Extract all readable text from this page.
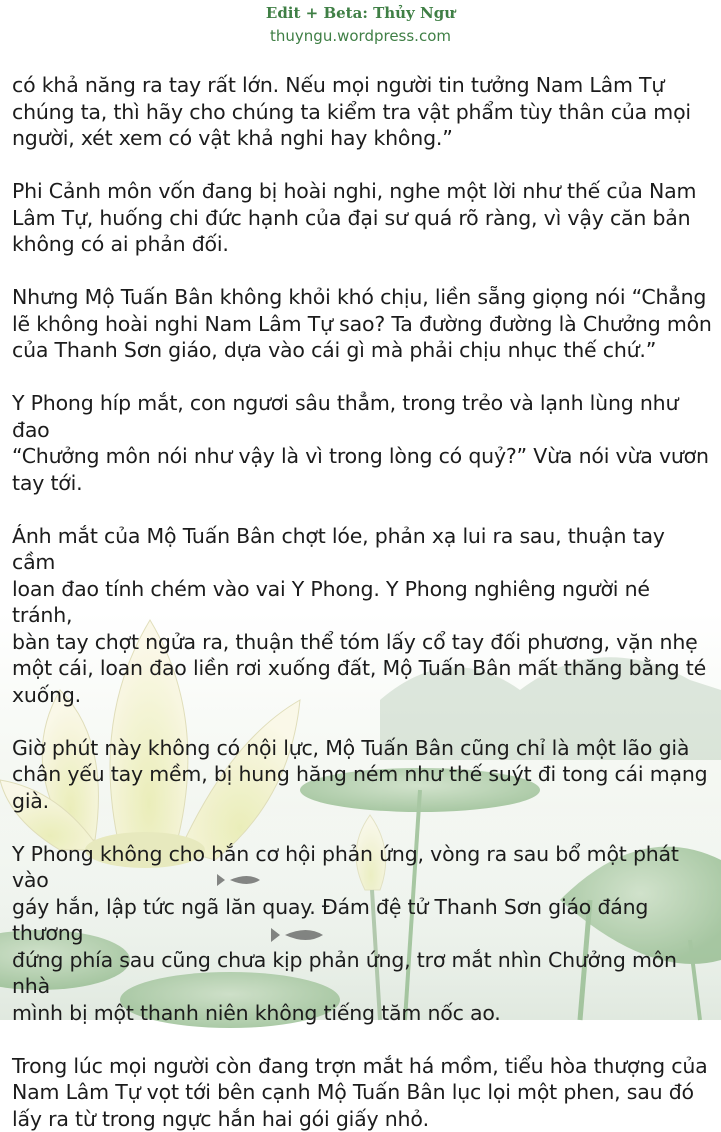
Edit + Beta: Thủy Ngư
thuyngu.wordpress.com

có khả năng ra tay rất lớn. Nếu mọi người tin tưởng Nam Lâm Tự
chúng ta, thì hãy cho chúng ta kiểm tra vật phẩm tùy thân của mọi
người, xét xem có vật khả nghi hay không.”

Phi Cảnh môn vốn đang bị hoài nghi, nghe một lời như thế của Nam
Lâm Tự, huống chi đức hạnh của đại sư quá rõ ràng, vì vậy căn bản
không có ai phản đối.

Nhưng Mộ Tuấn Bân không khỏi khó chịu, liền sẵng giọng nói “Chẳng
lẽ không hoài nghi Nam Lâm Tự sao? Ta đường đường là Chưởng môn
của Thanh Sơn giáo, dựa vào cái gì mà phải chịu nhục thế chứ.”

Y Phong híp mắt, con ngươi sâu thẳm, trong trẻo và lạnh lùng như đao
“Chưởng môn nói như vậy là vì trong lòng có quỷ?” Vừa nói vừa vươn
tay tới.

Ánh mắt của Mộ Tuấn Bân chợt lóe, phản xạ lui ra sau, thuận tay cầm
loan đao tính chém vào vai Y Phong. Y Phong nghiêng người né tránh,
bàn tay chợt ngửa ra, thuận thể tóm lấy cổ tay đối phương, vặn nhẹ
một cái, loan đao liền rơi xuống đất, Mộ Tuấn Bân mất thăng bằng té
xuống.

Giờ phút này không có nội lực, Mộ Tuấn Bân cũng chỉ là một lão già
chân yếu tay mềm, bị hung hăng ném như thế suýt đi tong cái mạng
già.

Y Phong không cho hắn cơ hội phản ứng, vòng ra sau bổ một phát vào
gáy hắn, lập tức ngã lăn quay. Đám đệ tử Thanh Sơn giáo đáng thương
đứng phía sau cũng chưa kịp phản ứng, trơ mắt nhìn Chưởng môn nhà
mình bị một thanh niên không tiếng tăm nốc ao.

Trong lúc mọi người còn đang trợn mắt há mồm, tiểu hòa thượng của
Nam Lâm Tự vọt tới bên cạnh Mộ Tuấn Bân lục lọi một phen, sau đó
lấy ra từ trong ngực hắn hai gói giấy nhỏ.
